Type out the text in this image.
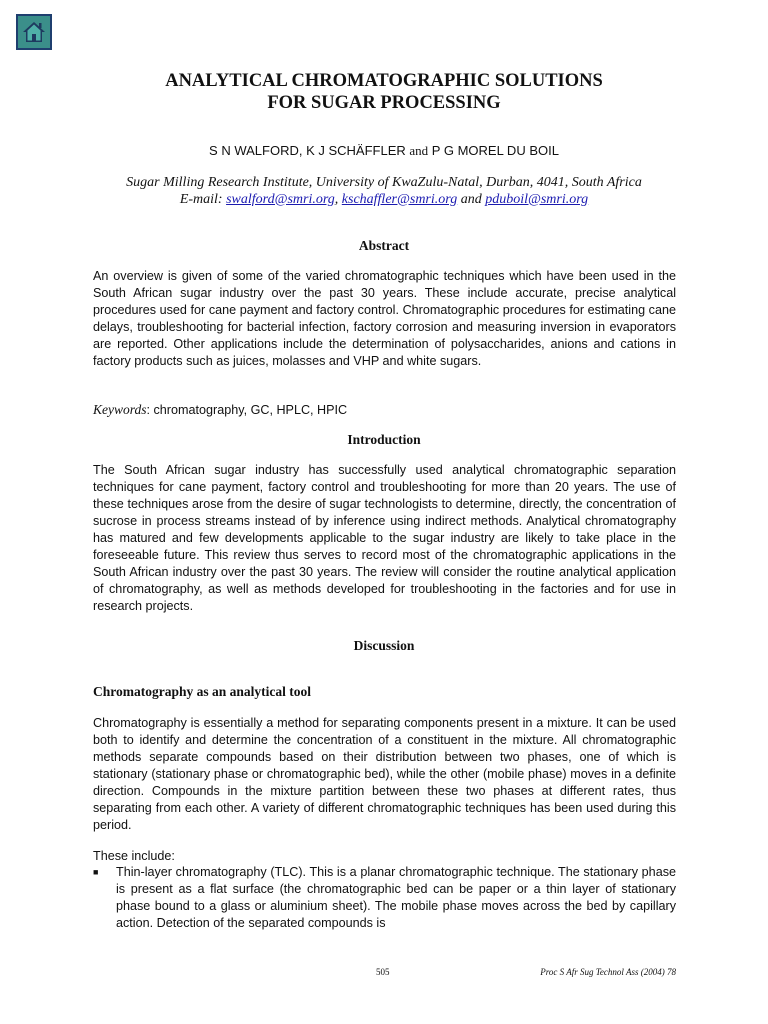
ANALYTICAL CHROMATOGRAPHIC SOLUTIONS
FOR SUGAR PROCESSING
S N WALFORD, K J SCHÄFFLER and P G MOREL DU BOIL
Sugar Milling Research Institute, University of KwaZulu-Natal, Durban, 4041, South Africa
E-mail: swalford@smri.org, kschaffler@smri.org and pduboil@smri.org
Abstract

An overview is given of some of the varied chromatographic techniques which have been used in the South African sugar industry over the past 30 years. These include accurate, precise analytical procedures used for cane payment and factory control. Chromatographic procedures for estimating cane delays, troubleshooting for bacterial infection, factory corrosion and measuring inversion in evaporators are reported. Other applications include the determination of polysaccharides, anions and cations in factory products such as juices, molasses and VHP and white sugars.

Keywords: chromatography, GC, HPLC, HPIC

Introduction

The South African sugar industry has successfully used analytical chromatographic separation techniques for cane payment, factory control and troubleshooting for more than 20 years. The use of these techniques arose from the desire of sugar technologists to determine, directly, the concentration of sucrose in process streams instead of by inference using indirect methods. Analytical chromatography has matured and few developments applicable to the sugar industry are likely to take place in the foreseeable future. This review thus serves to record most of the chromatographic applications in the South African industry over the past 30 years. The review will consider the routine analytical application of chromatography, as well as methods developed for troubleshooting in the factories and for use in research projects.

Discussion
Chromatography as an analytical tool

Chromatography is essentially a method for separating components present in a mixture. It can be used both to identify and determine the concentration of a constituent in the mixture. All chromatographic methods separate compounds based on their distribution between two phases, one of which is stationary (stationary phase or chromatographic bed), while the other (mobile phase) moves in a definite direction. Compounds in the mixture partition between these two phases at different rates, thus separating from each other. A variety of different chromatographic techniques has been used during this period.

These include:

■ Thin-layer chromatography (TLC). This is a planar chromatographic technique. The stationary phase is present as a flat surface (the chromatographic bed can be paper or a thin layer of stationary phase bound to a glass or aluminium sheet). The mobile phase moves across the bed by capillary action. Detection of the separated compounds is
505	Proc S Afr Sug Technol Ass (2004) 78
